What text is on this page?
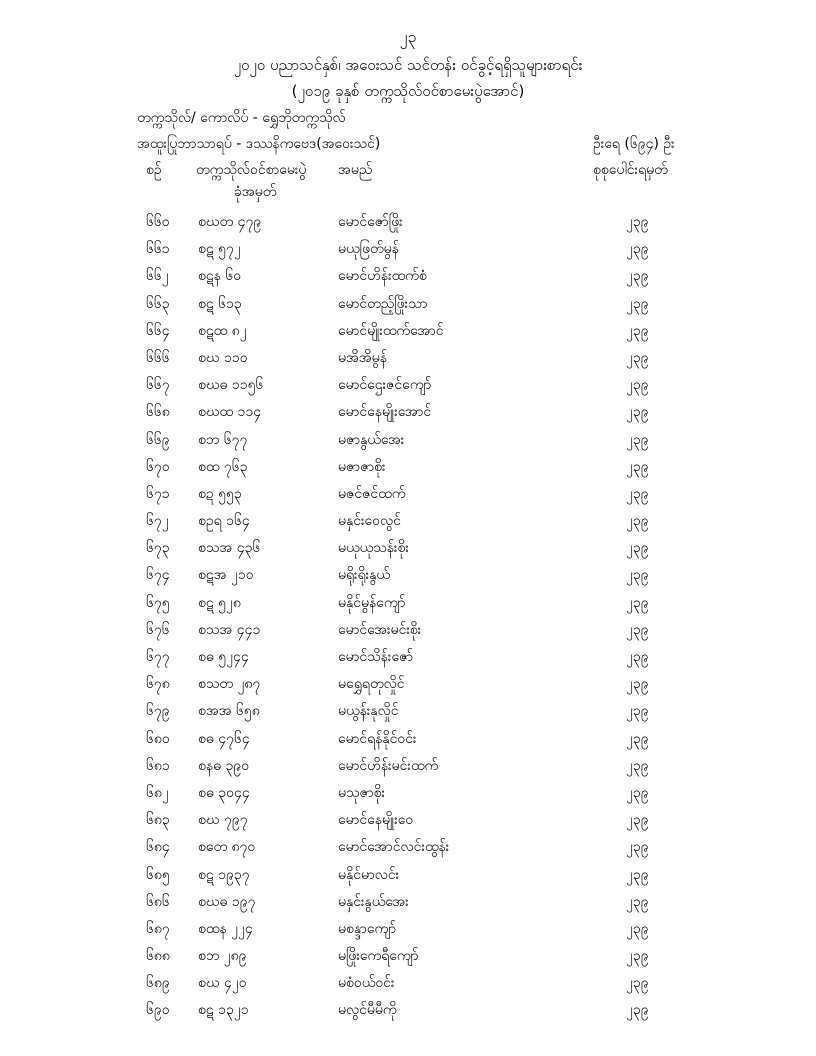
၂၃
၂၀၂၀ ပညာသင်နှစ်၊ အဝေးသင် သင်တန်း ဝင်ခွင့်ရရှိသူများစာရင်း
(၂၀၁၉ ခုနှစ် တက္ကသိုလ်ဝင်စာမေးပွဲအောင်)
တက္ကသိုလ်/ ကောလိပ် - ရွှေဘိုတက္ကသိုလ်
အထူးပြုဘာသာရပ် - ဒဿနိကဗေဒ(အဝေးသင်)	ဦးရေ (၆၉၄) ဦး
စဉ် တက္ကသိုလ်ဝင်စာမေးပွဲ
ခုံအမှတ်
အမည်	စုစုပေါင်းရမှတ်
၆၆၀ စဃတ ၄၇၉	မောင်ဇော်ဖြိုး	၂၃၉
၆၆၁ စဋ ၅၇၂	မယုဖြတ်မွန်	၂၃၉
၆၆၂ စဋန ၆၀	မောင်ဟိန်းထက်စံ	၂၃၉
၆၆၃ စဋ ၆၁၃	မောင်တည့်ဖြိုးသာ	၂၃၉
၆၆၄ စဋထ ၈၂	မောင်မျိုးထက်အောင်	၂၃၉
၆၆၆ စဃ ၁၁၀	မအိအိမွန်	၂၃၉
၆၆၇ စဃဓ ၁၁၅၆	မောင်ဌေးဇင်ကျော်	၂၃၉
၆၆၈ စဃထ ၁၁၄	မောင်နေမျိုးအောင်	၂၃၉
၆၆၉ စဘ ၆၇၇	မဇာနွယ်အေး	၂၃၉
၆၇၀ စထ ၇၆၃	မဇာဇာစိုး	၂၃၉
၆၇၁ စဍ ၅၅၃	မဇင်ဇင်ထက်	၂၃၉
၆၇၂ စဥရ ၁၆၄	မနှင်းဝေလွင်	၂၃၉
၆၇၃ စသအ ၄၃၆	မယုယုသန်းစိုး	၂၃၉
၆၇၄ စဋအ ၂၁၀	မရိုးရိုးနွယ်	၂၃၉
၆၇၅ စဋ ၅၂၈	မနိုင်မွန်ကျော်	၂၃၉
၆၇၆ စသအ ၄၄၁	မောင်အေးမင်းစိုး	၂၃၉
၆၇၇ စဓ ၅၂၄၄	မောင်သိန်းဇော်	၂၃၉
၆၇၈ စသတ ၂၈၇	မရွှေရတုလှိုင်	၂၃၉
၆၇၉ စအအ ၆၅၈	မယွန်းနုလှိုင်	၂၃၉
၆၈၀ စဓ ၄၇၆၄	မောင်ရန်နိုင်ဝင်း	၂၃၉
၆၈၁ စနဓ ၃၉၀	မောင်ဟိန်းမင်းထက်	၂၃၉
၆၈၂ စဓ ၃၀၄၄	မသုဇာစိုး	၂၃၉
၆၈၃ စဃ ၇၉၇	မောင်နေမျိုးဝေ	၂၃၉
၆၈၄ စတေ ၈၇၀	မောင်အောင်လင်းထွန်း	၂၃၉
၆၈၅ စဋ ၁၉၃၇	မနိုင်မာလင်း	၂၃၉
၆၈၆ စဃဓ ၁၉၇	မနှင်းနွယ်အေး	၂၃၉
၆၈၇ စထန ၂၂၄	မစန္ဒာကျော်	၂၃၉
၆၈၈ စဘ ၂၈၉	မဖြိုးကေရီကျော်	၂၃၉
၆၈၉ စဃ ၄၂၀	မစံဝယ်ဝင်း	၂၃၉
၆၉၀ စဋ ၁၃၂၁	မလွင်မီမီကို	၂၃၉
